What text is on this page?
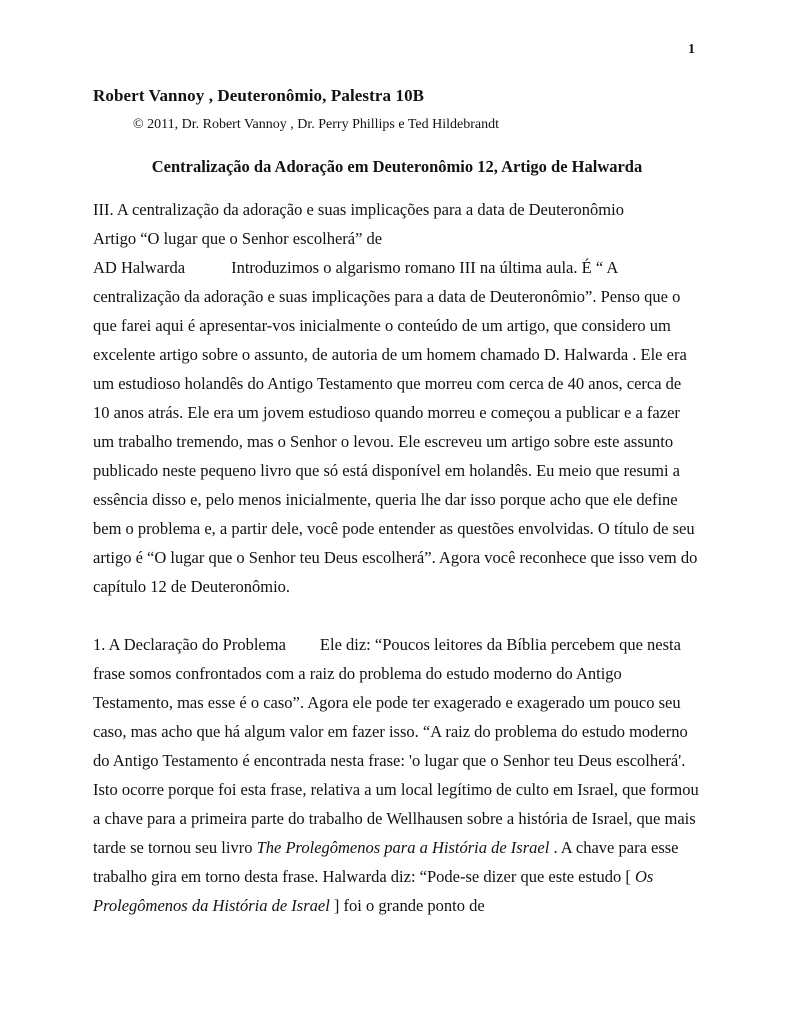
1
Robert Vannoy , Deuteronômio, Palestra 10B
© 2011, Dr. Robert Vannoy , Dr. Perry Phillips e Ted Hildebrandt
Centralização da Adoração em Deuteronômio 12, Artigo de Halwarda

III. A centralização da adoração e suas implicações para a data de Deuteronômio
Artigo “O lugar que o Senhor escolherá” de
AD Halwarda	Introduzimos o algarismo romano III na última aula. É “ A centralização da adoração e suas implicações para a data de Deuteronômio”. Penso que o que farei aqui é apresentar-vos inicialmente o conteúdo de um artigo, que considero um excelente artigo sobre o assunto, de autoria de um homem chamado D. Halwarda . Ele era um estudioso holandês do Antigo Testamento que morreu com cerca de 40 anos, cerca de 10 anos atrás. Ele era um jovem estudioso quando morreu e começou a publicar e a fazer um trabalho tremendo, mas o Senhor o levou. Ele escreveu um artigo sobre este assunto publicado neste pequeno livro que só está disponível em holandês. Eu meio que resumi a essência disso e, pelo menos inicialmente, queria lhe dar isso porque acho que ele define bem o problema e, a partir dele, você pode entender as questões envolvidas. O título de seu artigo é “O lugar que o Senhor teu Deus escolherá”. Agora você reconhece que isso vem do capítulo 12 de Deuteronômio.

1. A Declaração do Problema Ele diz: “Poucos leitores da Bíblia percebem que nesta frase somos confrontados com a raiz do problema do estudo moderno do Antigo Testamento, mas esse é o caso”. Agora ele pode ter exagerado e exagerado um pouco seu caso, mas acho que há algum valor em fazer isso. “A raiz do problema do estudo moderno do Antigo Testamento é encontrada nesta frase: 'o lugar que o Senhor teu Deus escolherá'. Isto ocorre porque foi esta frase, relativa a um local legítimo de culto em Israel, que formou a chave para a primeira parte do trabalho de Wellhausen sobre a história de Israel, que mais tarde se tornou seu livro The Prolegômenos para a História de Israel . A chave para esse trabalho gira em torno desta frase. Halwarda diz: “Pode-se dizer que este estudo [ Os Prolegômenos da História de Israel ] foi o grande ponto de
